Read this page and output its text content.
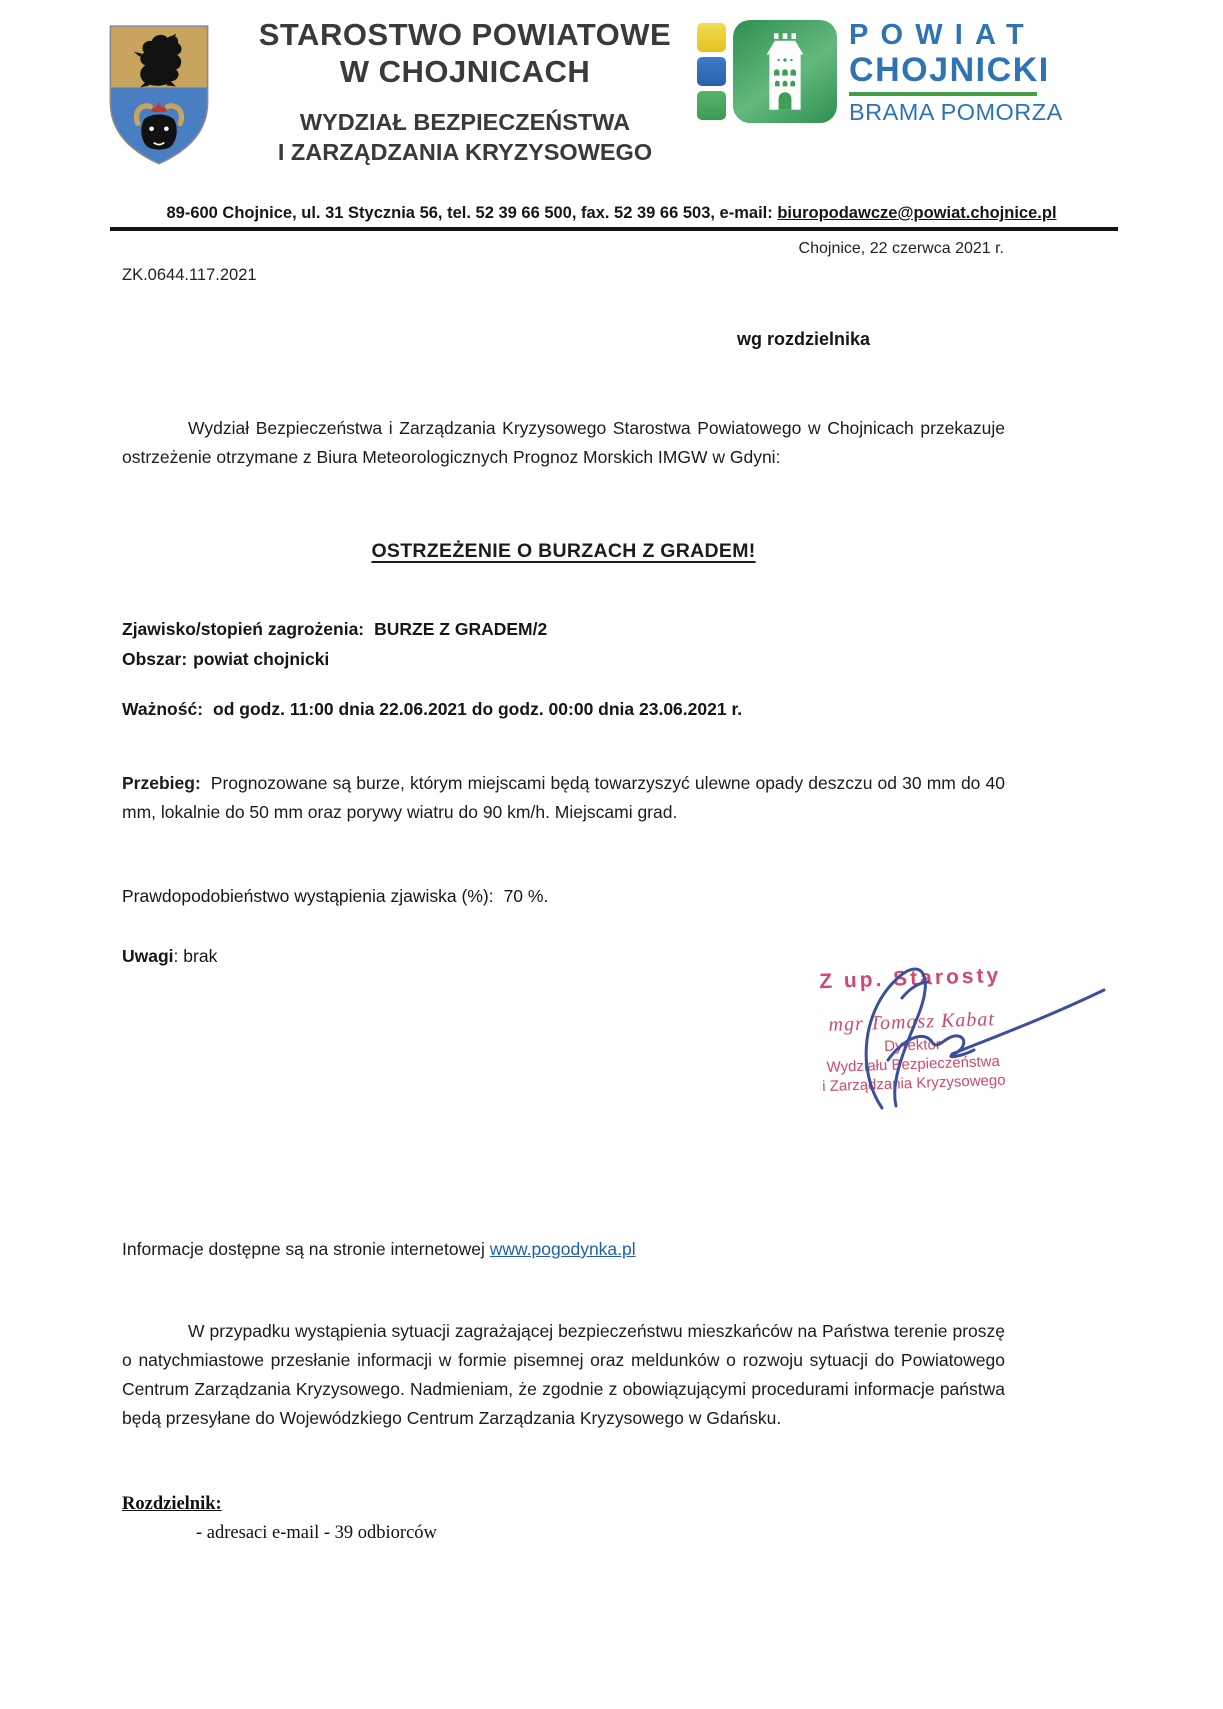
STAROSTWO POWIATOWE
W CHOJNICACH
WYDZIAŁ BEZPIECZEŃSTWA
I ZARZĄDZANIA KRYZYSOWEGO
POWIAT
CHOJNICKI
BRAMA POMORZA
89-600 Chojnice, ul. 31 Stycznia 56, tel. 52 39 66 500, fax. 52 39 66 503, e-mail: biuropodawcze@powiat.chojnice.pl
Chojnice, 22 czerwca 2021 r.
ZK.0644.117.2021
wg rozdzielnika

Wydział Bezpieczeństwa i Zarządzania Kryzysowego Starostwa Powiatowego w Chojnicach przekazuje ostrzeżenie otrzymane z Biura Meteorologicznych Prognoz Morskich IMGW w Gdyni:

OSTRZEŻENIE O BURZACH Z GRADEM!
Zjawisko/stopień zagrożenia: BURZE Z GRADEM/2
Obszar: powiat chojnicki
Ważność: od godz. 11:00 dnia 22.06.2021 do godz. 00:00 dnia 23.06.2021 r.

Przebieg: Prognozowane są burze, którym miejscami będą towarzyszyć ulewne opady deszczu od 30 mm do 40 mm, lokalnie do 50 mm oraz porywy wiatru do 90 km/h. Miejscami grad.

Prawdopodobieństwo wystąpienia zjawiska (%): 70 %.
Uwagi: brak
Z up. Starosty
mgr Tomasz Kabat
Dyrektor
Wydziału Bezpieczeństwa
i Zarządzania Kryzysowego
Informacje dostępne są na stronie internetowej www.pogodynka.pl

W przypadku wystąpienia sytuacji zagrażającej bezpieczeństwu mieszkańców na Państwa terenie proszę o natychmiastowe przesłanie informacji w formie pisemnej oraz meldunków o rozwoju sytuacji do Powiatowego Centrum Zarządzania Kryzysowego. Nadmieniam, że zgodnie z obowiązującymi procedurami informacje państwa będą przesyłane do Wojewódzkiego Centrum Zarządzania Kryzysowego w Gdańsku.

Rozdzielnik:
- adresaci e-mail - 39 odbiorców
